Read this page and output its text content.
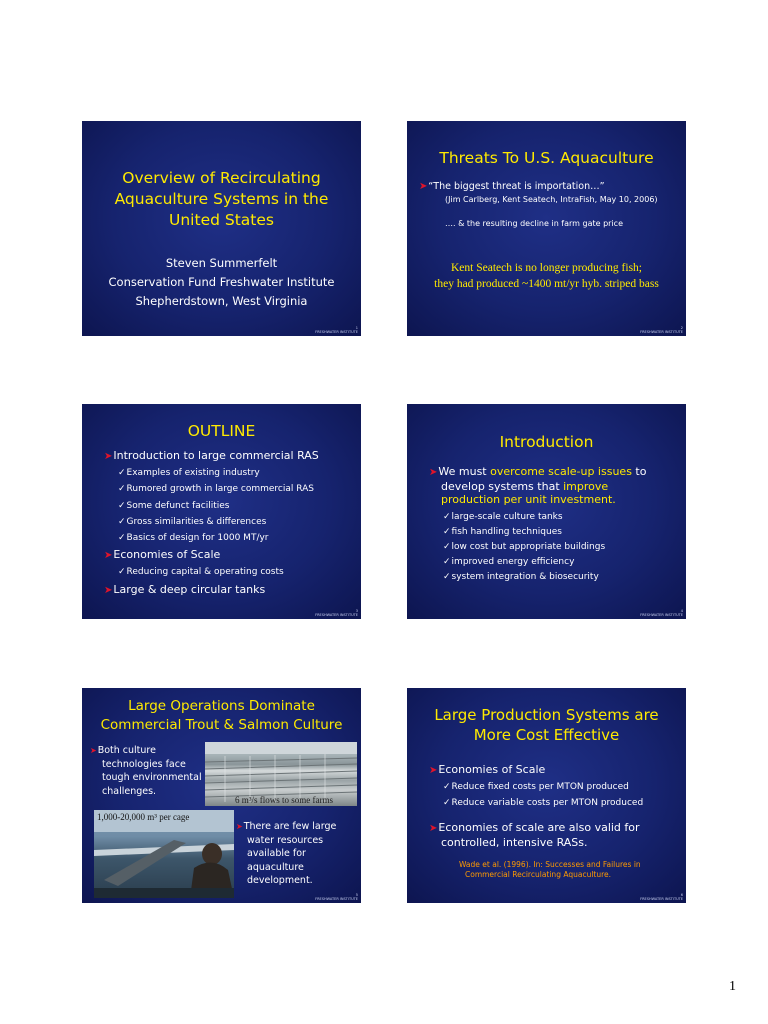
Overview of Recirculating
Aquaculture Systems in the
United States
Steven Summerfelt
Conservation Fund Freshwater Institute
Shepherdstown, West Virginia
1
FRESHWATER INSTITUTE
Threats To U.S. Aquaculture
➤“The biggest threat is importation…”
(Jim Carlberg, Kent Seatech, IntraFish, May 10, 2006)
…. & the resulting decline in farm gate price
Kent Seatech is no longer producing fish;
they had produced ~1400 mt/yr hyb. striped bass
2
FRESHWATER INSTITUTE
OUTLINE
➤Introduction to large commercial RAS
✓Examples of existing industry
✓Rumored growth in large commercial RAS
✓Some defunct facilities
✓Gross similarities & differences
✓Basics of design for 1000 MT/yr
➤Economies of Scale
✓Reducing capital & operating costs
➤Large & deep circular tanks
3
FRESHWATER INSTITUTE
Introduction
➤We must overcome scale-up issues to
develop systems that improve
production per unit investment.
✓large-scale culture tanks
✓fish handling techniques
✓low cost but appropriate buildings
✓improved energy efficiency
✓system integration & biosecurity
4
FRESHWATER INSTITUTE
Large Operations Dominate
Commercial Trout & Salmon Culture
➤Both culture
technologies face
tough environmental
challenges.
6 m³/s flows to some farms
1,000-20,000 m³ per cage
➤There are few large
water resources
available for
aquaculture
development.
5
FRESHWATER INSTITUTE
Large Production Systems are
More Cost Effective
➤Economies of Scale
✓Reduce fixed costs per MTON produced
✓Reduce variable costs per MTON produced
➤Economies of scale are also valid for
controlled, intensive RASs.
Wade et al. (1996). In: Successes and Failures in
Commercial Recirculating Aquaculture.
6
FRESHWATER INSTITUTE
1
